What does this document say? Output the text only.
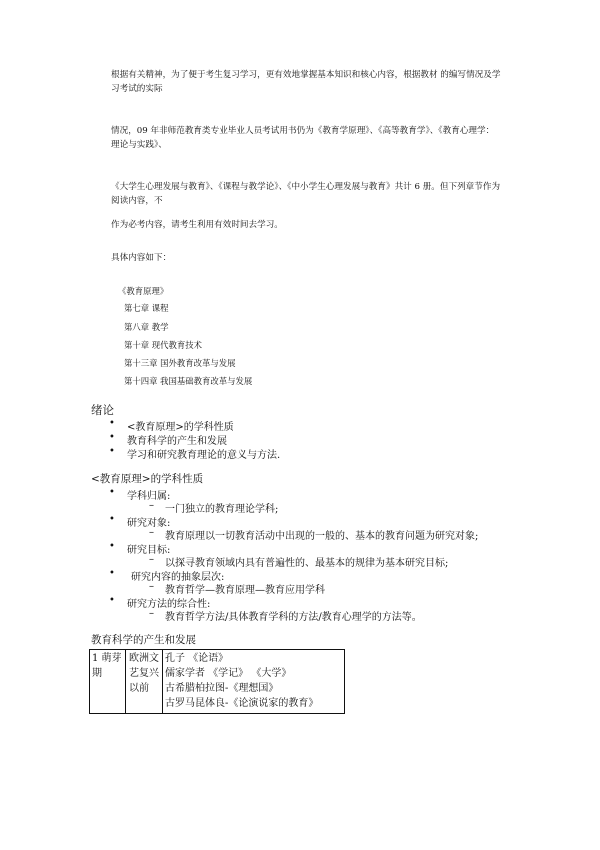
根据有关精神，为了便于考生复习学习，更有效地掌握基本知识和核心内容，根据教材 的编写情况及学习考试的实际

情况，09 年非师范教育类专业毕业人员考试用书仍为《教育学原理》、《高等教育学》、《教育心理学：理论与实践》、

《大学生心理发展与教育》、《课程与教学论》、《中小学生心理发展与教育》共计 6 册。但下列章节作为阅读内容，不

作为必考内容，请考生利用有效时间去学习。

具体内容如下：

《教育原理》

第七章 课程

第八章 教学

第十章 现代教育技术

第十三章 国外教育改革与发展

第十四章 我国基础教育改革与发展

绪论

• <教育原理>的学科性质
• 教育科学的产生和发展
• 学习和研究教育理论的意义与方法.

<教育原理>的学科性质

• 学科归属:
– 一门独立的教育理论学科;
• 研究对象:
– 教育原理以一切教育活动中出现的一般的、基本的教育问题为研究对象;
• 研究目标:
– 以探寻教育领域内具有普遍性的、最基本的规律为基本研究目标;
• 研究内容的抽象层次:
– 教育哲学—教育原理—教育应用学科
• 研究方法的综合性:
– 教育哲学方法/具体教育学科的方法/教育心理学的方法等。

教育科学的产生和发展

1 萌芽
期
欧洲文
艺复兴
以前
孔子 《论语》
儒家学者 《学记》 《大学》
古希腊柏拉图-《理想国》
古罗马昆体良-《论演说家的教育》
